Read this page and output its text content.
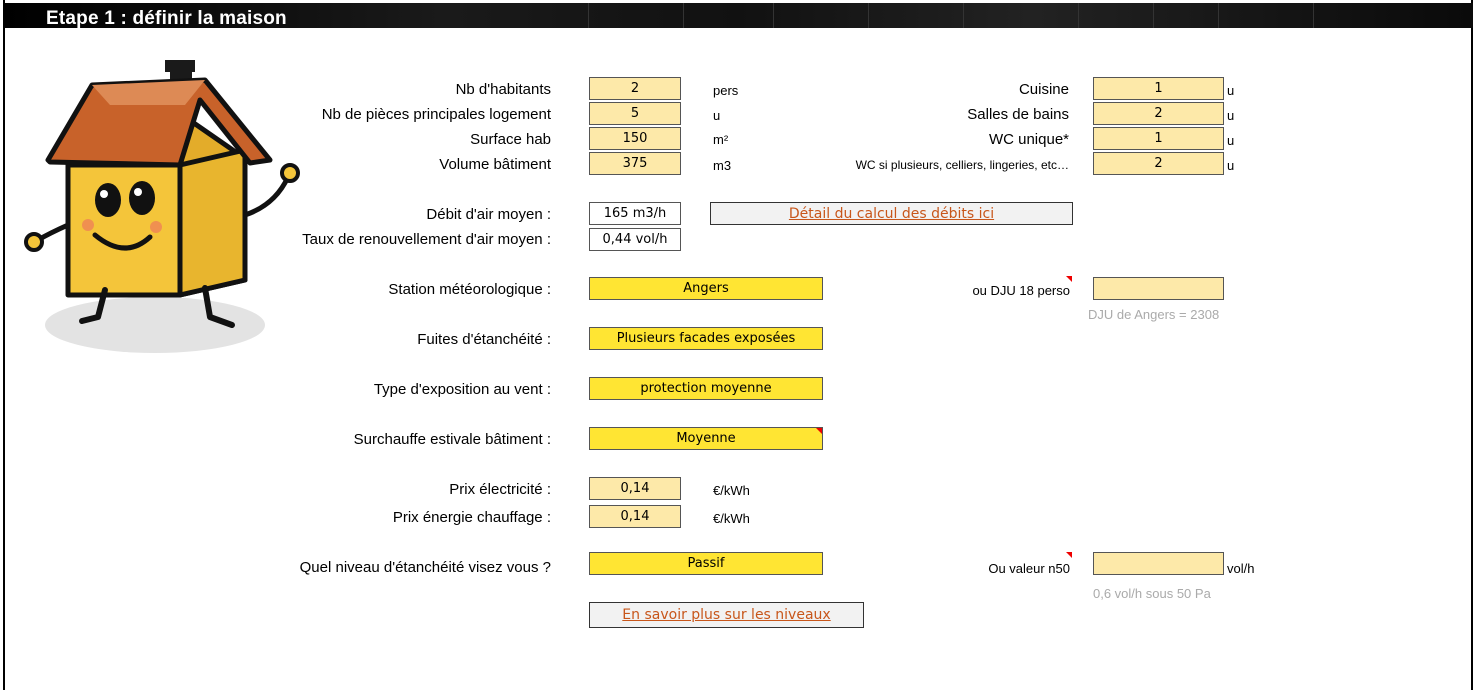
Etape 1 : définir la maison
Nb d'habitants	2	pers
Nb de pièces principales logement	5	u
Surface hab	150	m²
Volume bâtiment	375	m3
Cuisine	1	u
Salles de bains	2	u
WC unique*	1	u
WC si plusieurs, celliers, lingeries, etc…	2	u
Débit d'air moyen :	165 m3/h	Détail du calcul des débits ici
Taux de renouvellement d'air moyen :	0,44 vol/h
Station météorologique :	Angers	ou DJU 18 perso
DJU de Angers = 2308
Fuites d'étanchéité :	Plusieurs facades exposées
Type d'exposition au vent :	protection moyenne
Surchauffe estivale bâtiment :	Moyenne
Prix électricité :	0,14	€/kWh
Prix énergie chauffage :	0,14	€/kWh
Quel niveau d'étanchéité visez vous ?	Passif	Ou valeur n50	vol/h
0,6 vol/h sous 50 Pa
En savoir plus sur les niveaux
